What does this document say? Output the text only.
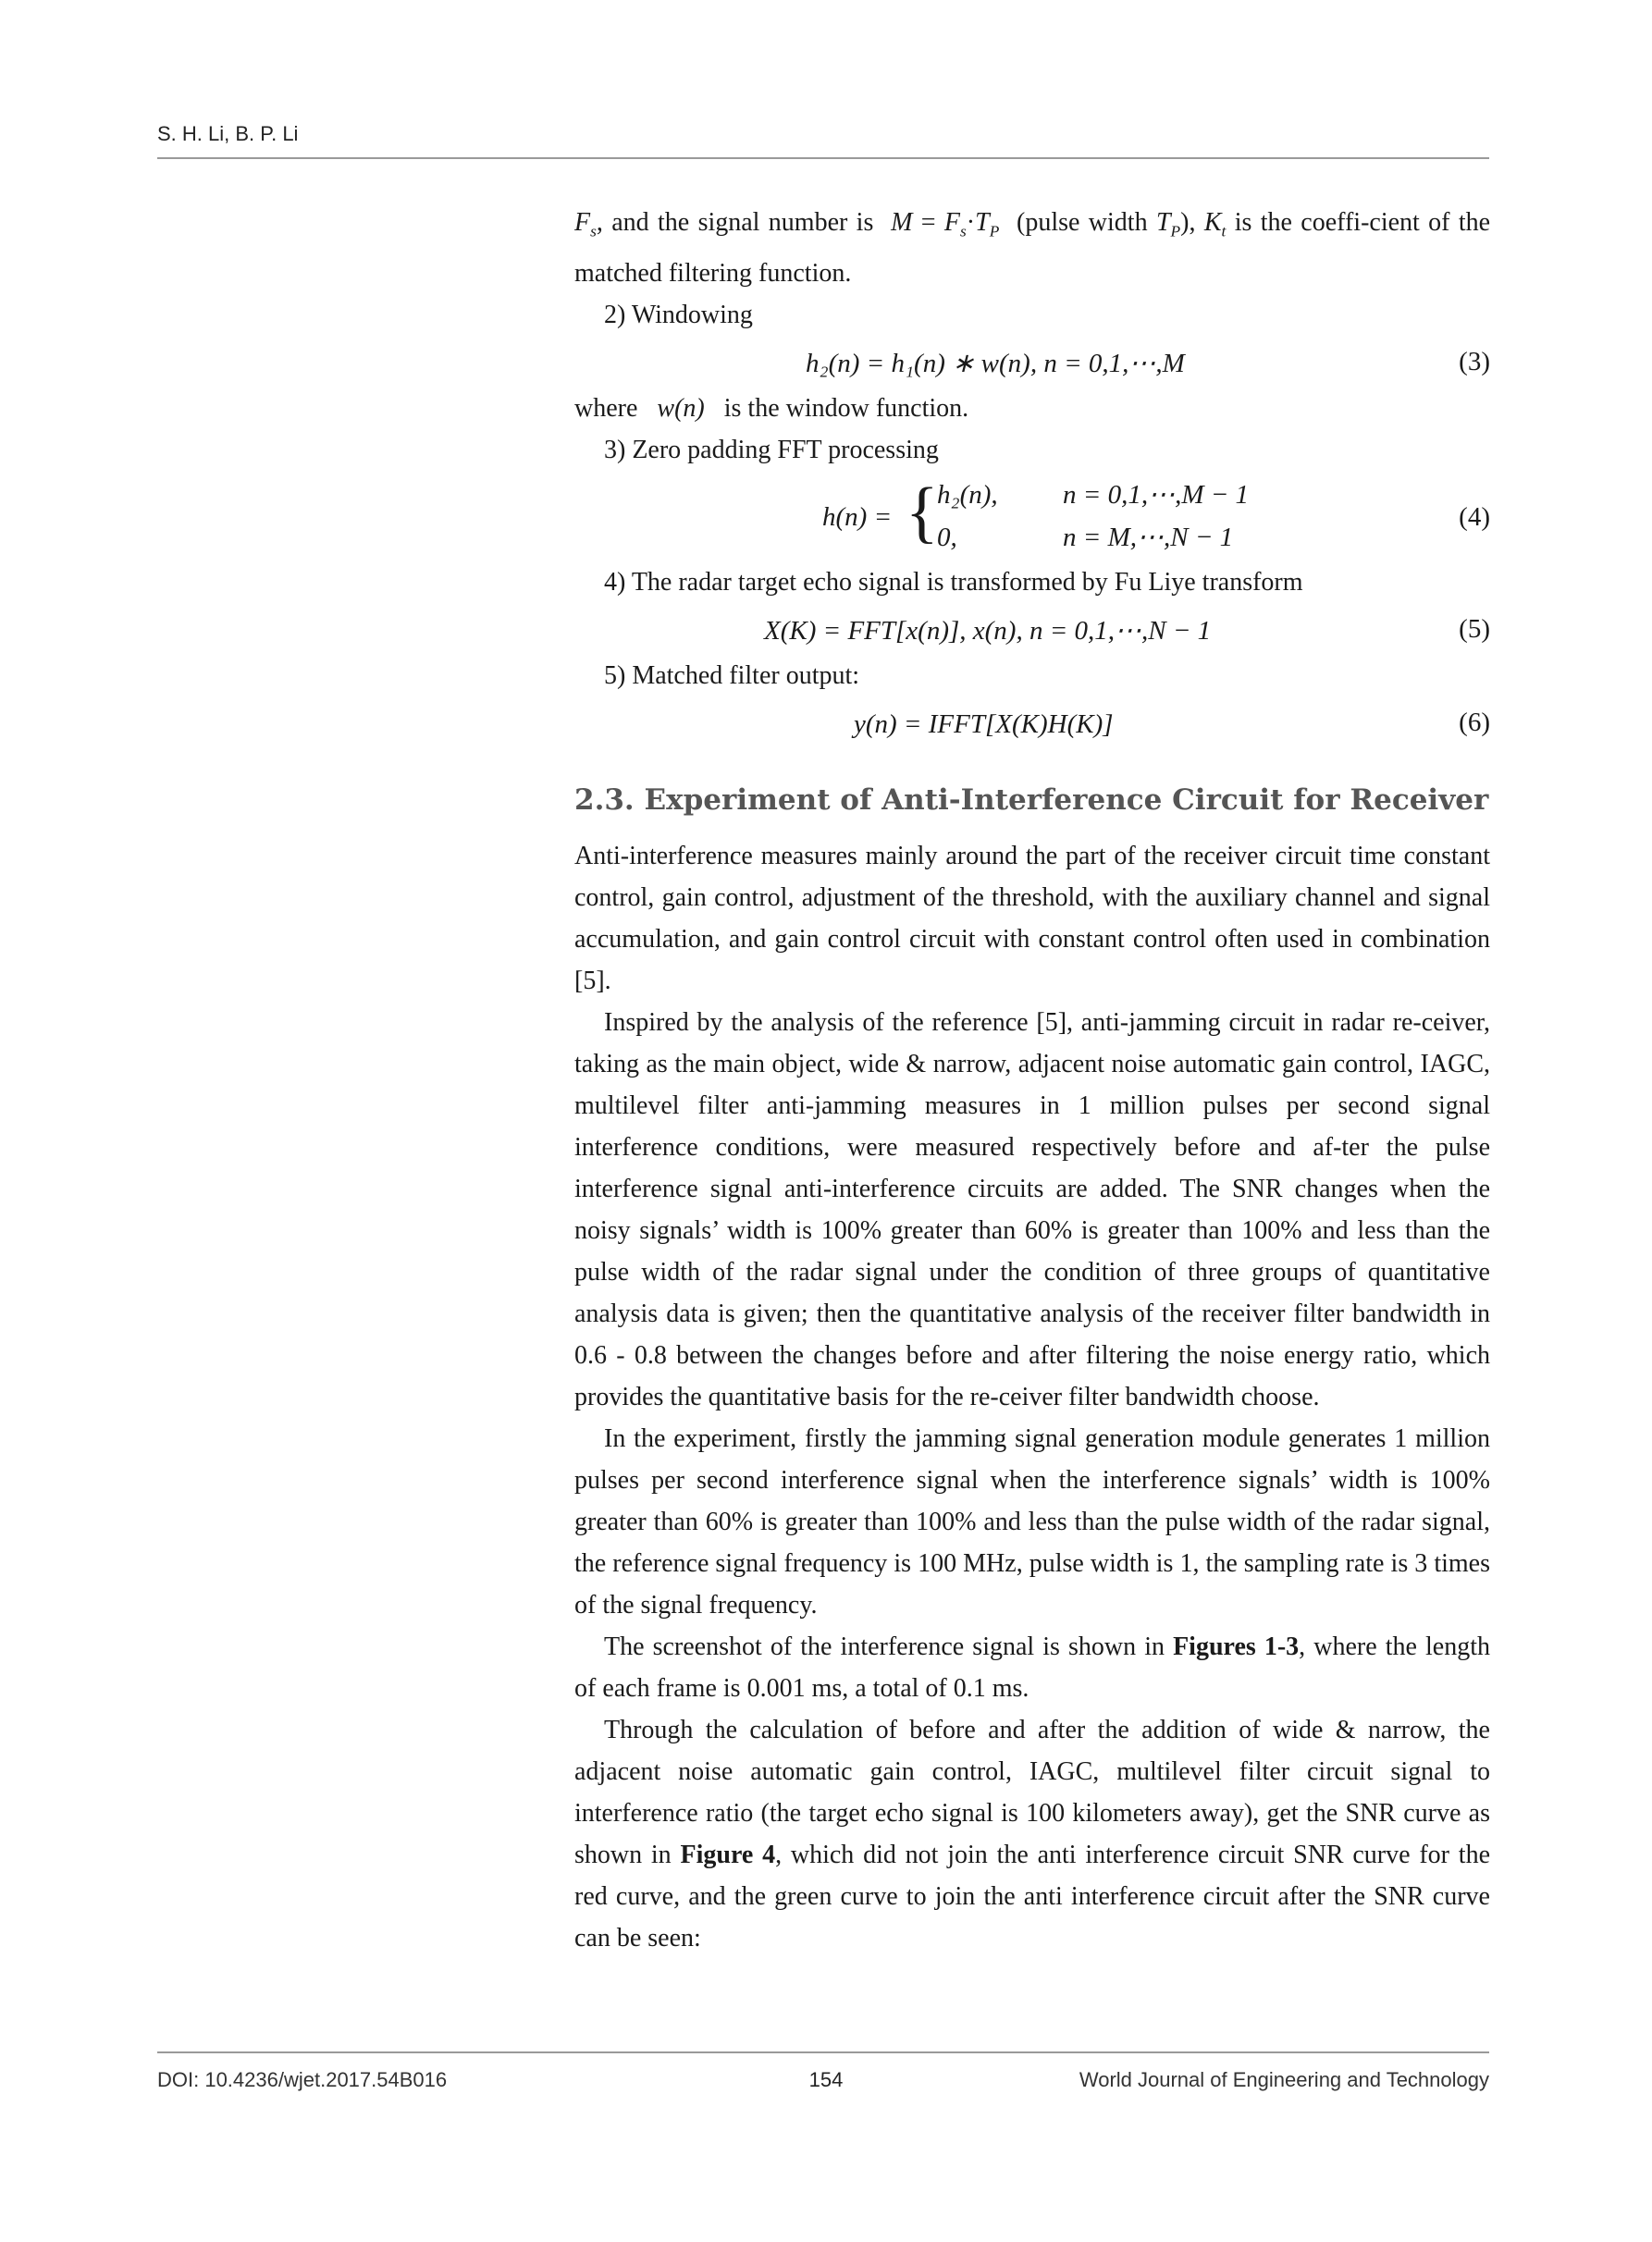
S. H. Li, B. P. Li

$F_s$, and the signal number is $M = F_s\cdot T_P$ (pulse width $T_P$), $K_t$ is the coeffi-cient of the matched filtering function.

2) Windowing

h₂(n) = h₁(n) ∗ w(n), n = 0,1,⋯,M	(3)

where w(n) is the window function.

3) Zero padding FFT processing

h(n) = {
h₂(n), n = 0,1,⋯,M − 1
0,	n = M,⋯,N − 1
(4)

4) The radar target echo signal is transformed by Fu Liye transform

X(K) = FFT[x(n)], x(n), n = 0,1,⋯,N − 1	(5)

5) Matched filter output:

y(n) = IFFT[X(K)H(K)]	(6)
2.3. Experiment of Anti-Interference Circuit for Receiver

Anti-interference measures mainly around the part of the receiver circuit time constant control, gain control, adjustment of the threshold, with the auxiliary channel and signal accumulation, and gain control circuit with constant control often used in combination [5].

Inspired by the analysis of the reference [5], anti-jamming circuit in radar re-ceiver, taking as the main object, wide & narrow, adjacent noise automatic gain control, IAGC, multilevel filter anti-jamming measures in 1 million pulses per second signal interference conditions, were measured respectively before and af-ter the pulse interference signal anti-interference circuits are added. The SNR changes when the noisy signals’ width is 100% greater than 60% is greater than 100% and less than the pulse width of the radar signal under the condition of three groups of quantitative analysis data is given; then the quantitative analysis of the receiver filter bandwidth in 0.6 - 0.8 between the changes before and after filtering the noise energy ratio, which provides the quantitative basis for the re-ceiver filter bandwidth choose.

In the experiment, firstly the jamming signal generation module generates 1 million pulses per second interference signal when the interference signals’ width is 100% greater than 60% is greater than 100% and less than the pulse width of the radar signal, the reference signal frequency is 100 MHz, pulse width is 1, the sampling rate is 3 times of the signal frequency.

The screenshot of the interference signal is shown in Figures 1-3, where the length of each frame is 0.001 ms, a total of 0.1 ms.

Through the calculation of before and after the addition of wide & narrow, the adjacent noise automatic gain control, IAGC, multilevel filter circuit signal to interference ratio (the target echo signal is 100 kilometers away), get the SNR curve as shown in Figure 4, which did not join the anti interference circuit SNR curve for the red curve, and the green curve to join the anti interference circuit after the SNR curve can be seen:

154
DOI: 10.4236/wjet.2017.54B016	World Journal of Engineering and Technology
